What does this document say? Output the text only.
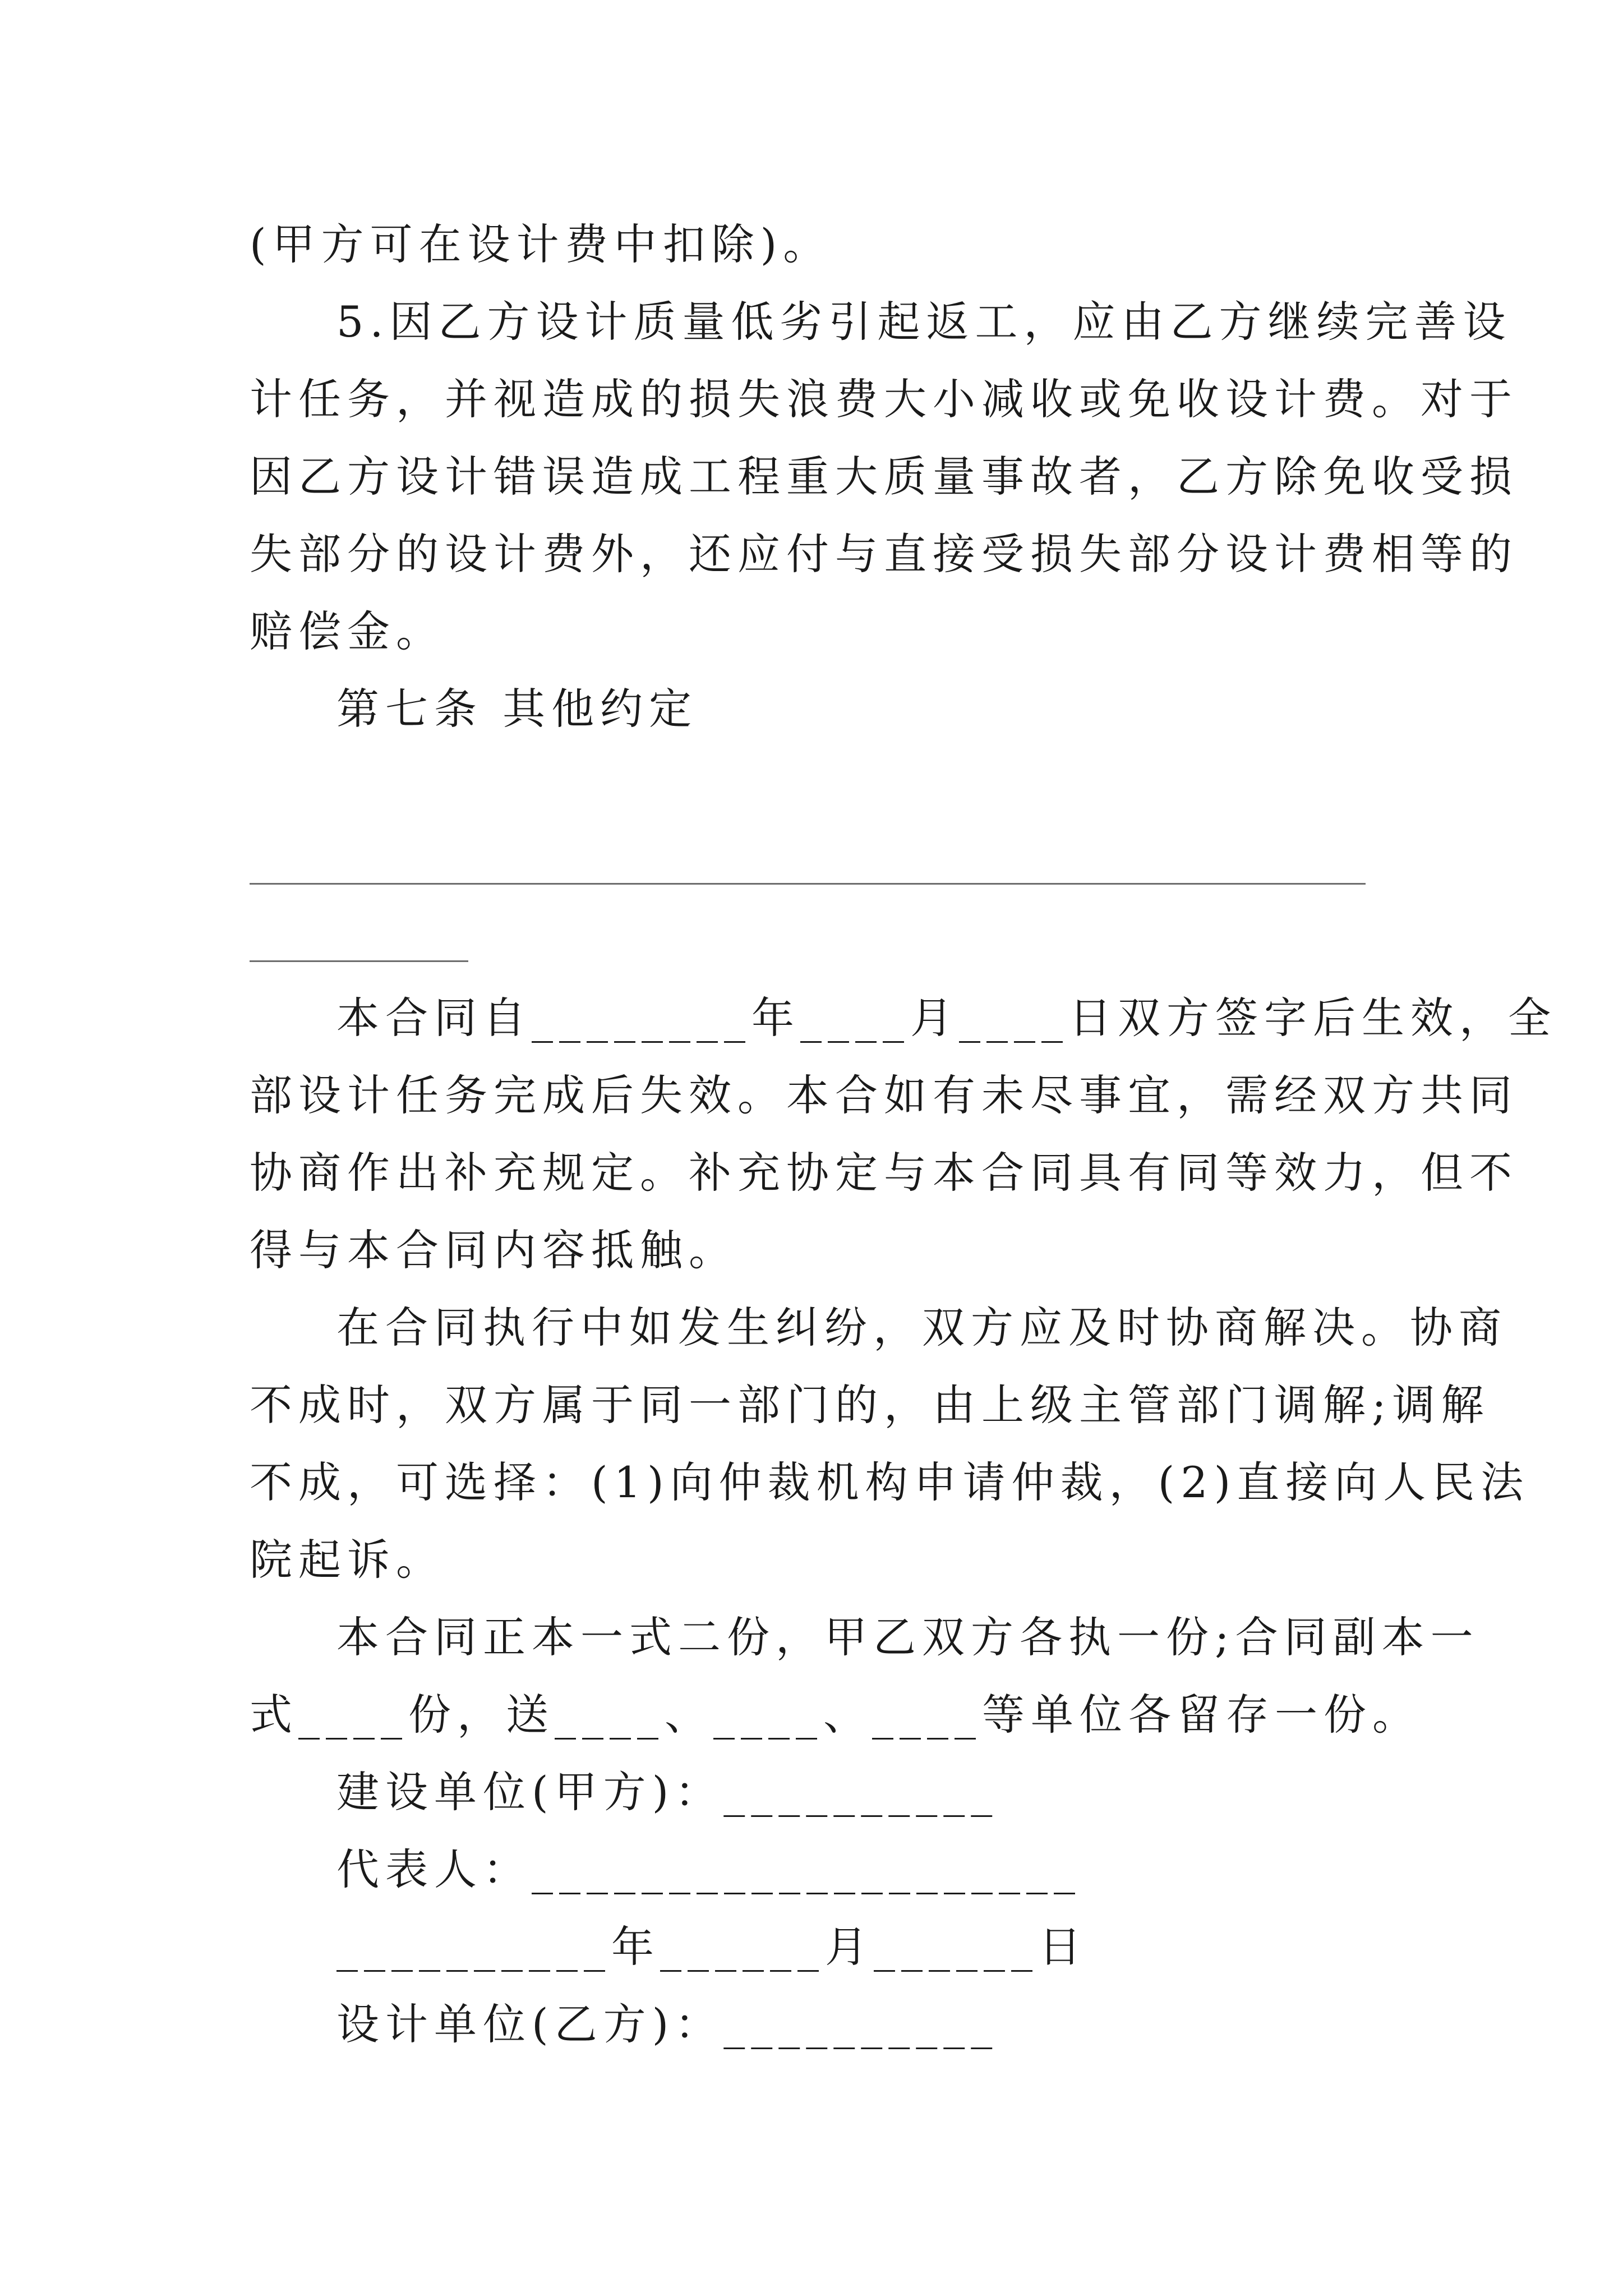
(甲方可在设计费中扣除)。
5.因乙方设计质量低劣引起返工，应由乙方继续完善设
计任务，并视造成的损失浪费大小减收或免收设计费。对于
因乙方设计错误造成工程重大质量事故者，乙方除免收受损
失部分的设计费外，还应付与直接受损失部分设计费相等的
赔偿金。
第七条 其他约定
本合同自________年____月____日双方签字后生效，全
部设计任务完成后失效。本合如有未尽事宜，需经双方共同
协商作出补充规定。补充协定与本合同具有同等效力，但不
得与本合同内容抵触。
在合同执行中如发生纠纷，双方应及时协商解决。协商
不成时，双方属于同一部门的，由上级主管部门调解;调解
不成，可选择：(1)向仲裁机构申请仲裁，(2)直接向人民法
院起诉。
本合同正本一式二份，甲乙双方各执一份;合同副本一
式____份，送____、____、____等单位各留存一份。
建设单位(甲方)：__________
代表人：____________________
__________年______月______日
设计单位(乙方)：__________
